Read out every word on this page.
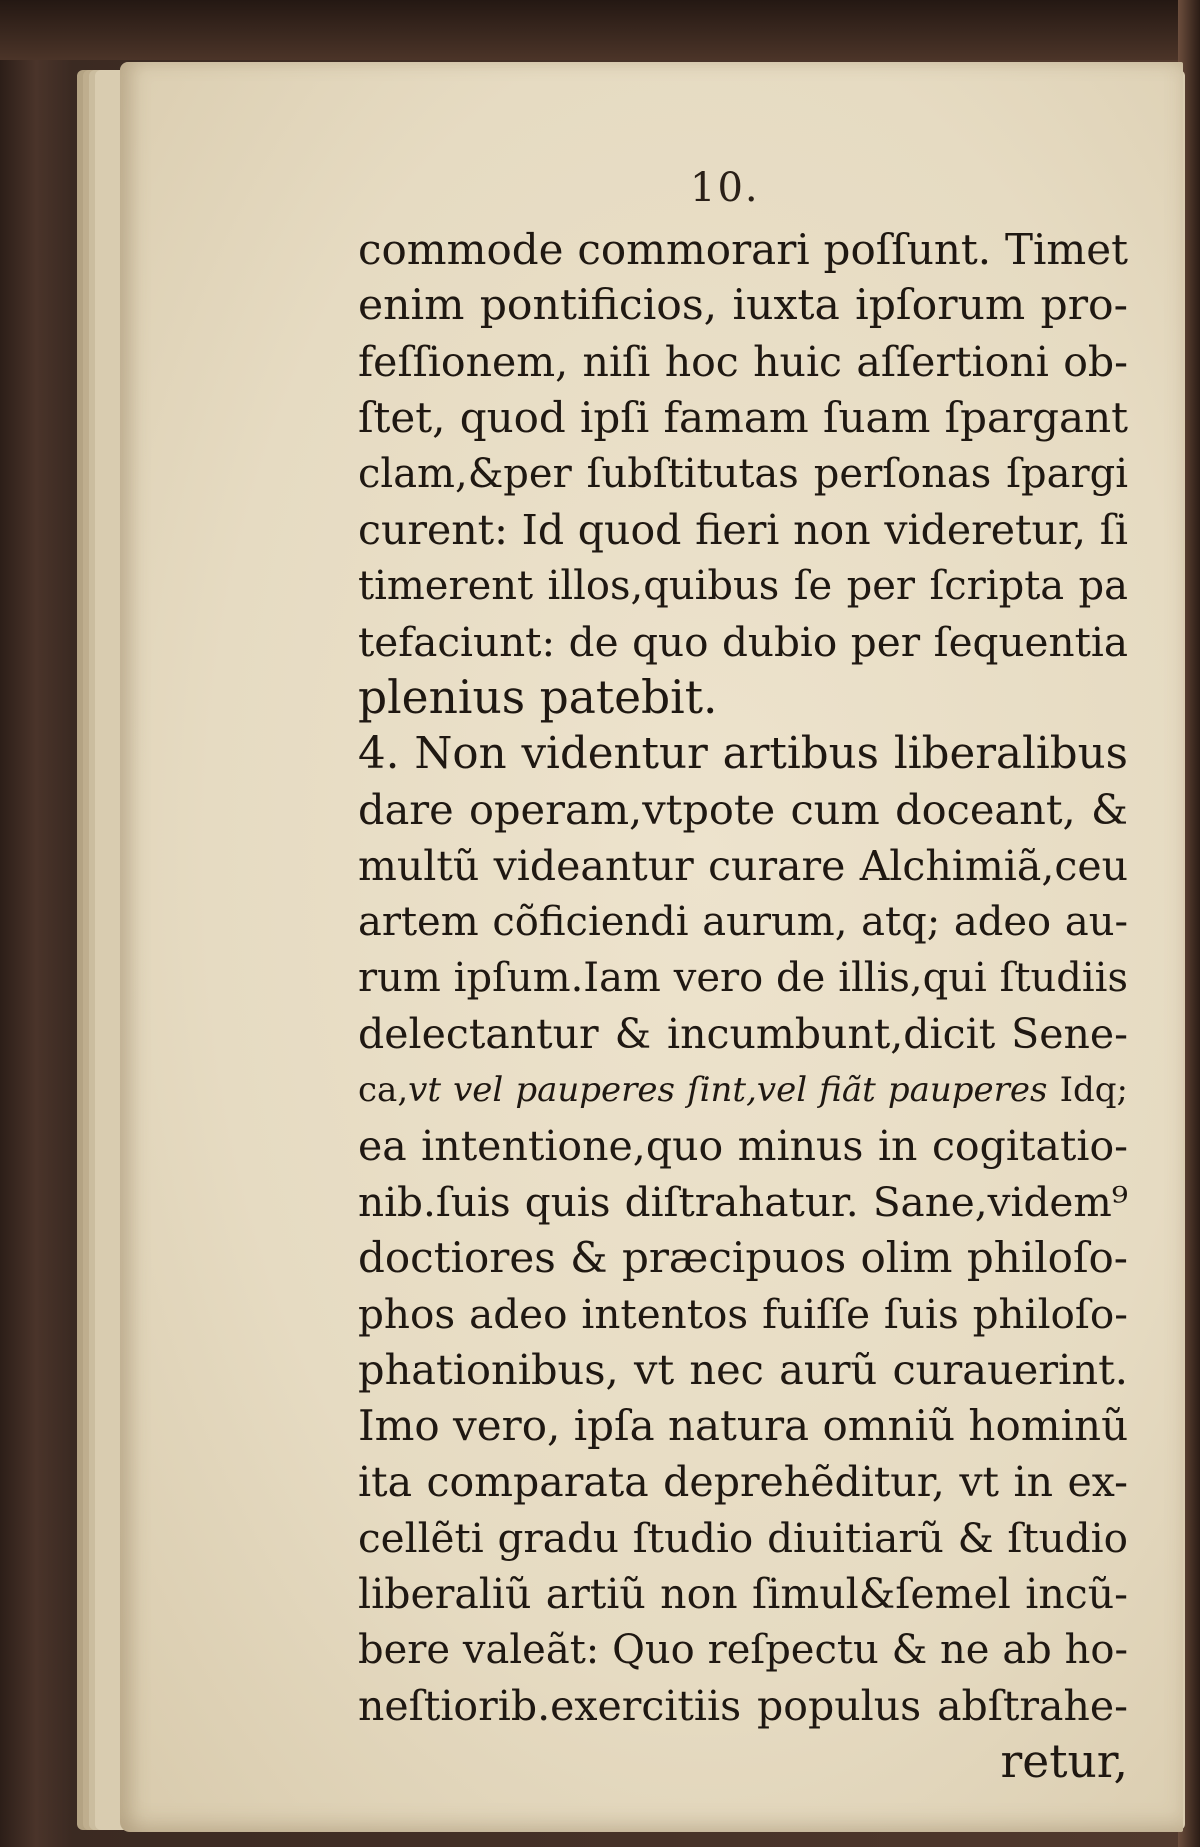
10.
commode commorari poſſunt. Timet
enim pontificios, iuxta ipſorum pro-
feſſionem, niſi hoc huic aſſertioni ob-
ſtet, quod ipſi famam ſuam ſpargant
clam,&per ſubſtitutas perſonas ſpargi
curent: Id quod fieri non videretur, ſi
timerent illos,quibus ſe per ſcripta pa
tefaciunt: de quo dubio per ſequentia
plenius patebit.
4. Non videntur artibus liberalibus
dare operam,vtpote cum doceant, &
multũ videantur curare Alchimiã,ceu
artem cõficiendi aurum, atq; adeo au-
rum ipſum.Iam vero de illis,qui ſtudiis
delectantur & incumbunt,dicit Sene-
ca,vt vel pauperes ſint,vel fiãt pauperes Idq;
ea intentione,quo minus in cogitatio-
nib.ſuis quis diſtrahatur. Sane,videm⁹
doctiores & præcipuos olim philoſo-
phos adeo intentos fuiſſe ſuis philoſo-
phationibus, vt nec aurũ curauerint.
Imo vero, ipſa natura omniũ hominũ
ita comparata deprehẽditur, vt in ex-
cellẽti gradu ſtudio diuitiarũ & ſtudio
liberaliũ artiũ non ſimul&ſemel incũ-
bere valeãt: Quo reſpectu & ne ab ho-
neſtiorib.exercitiis populus abſtrahe-
retur,
